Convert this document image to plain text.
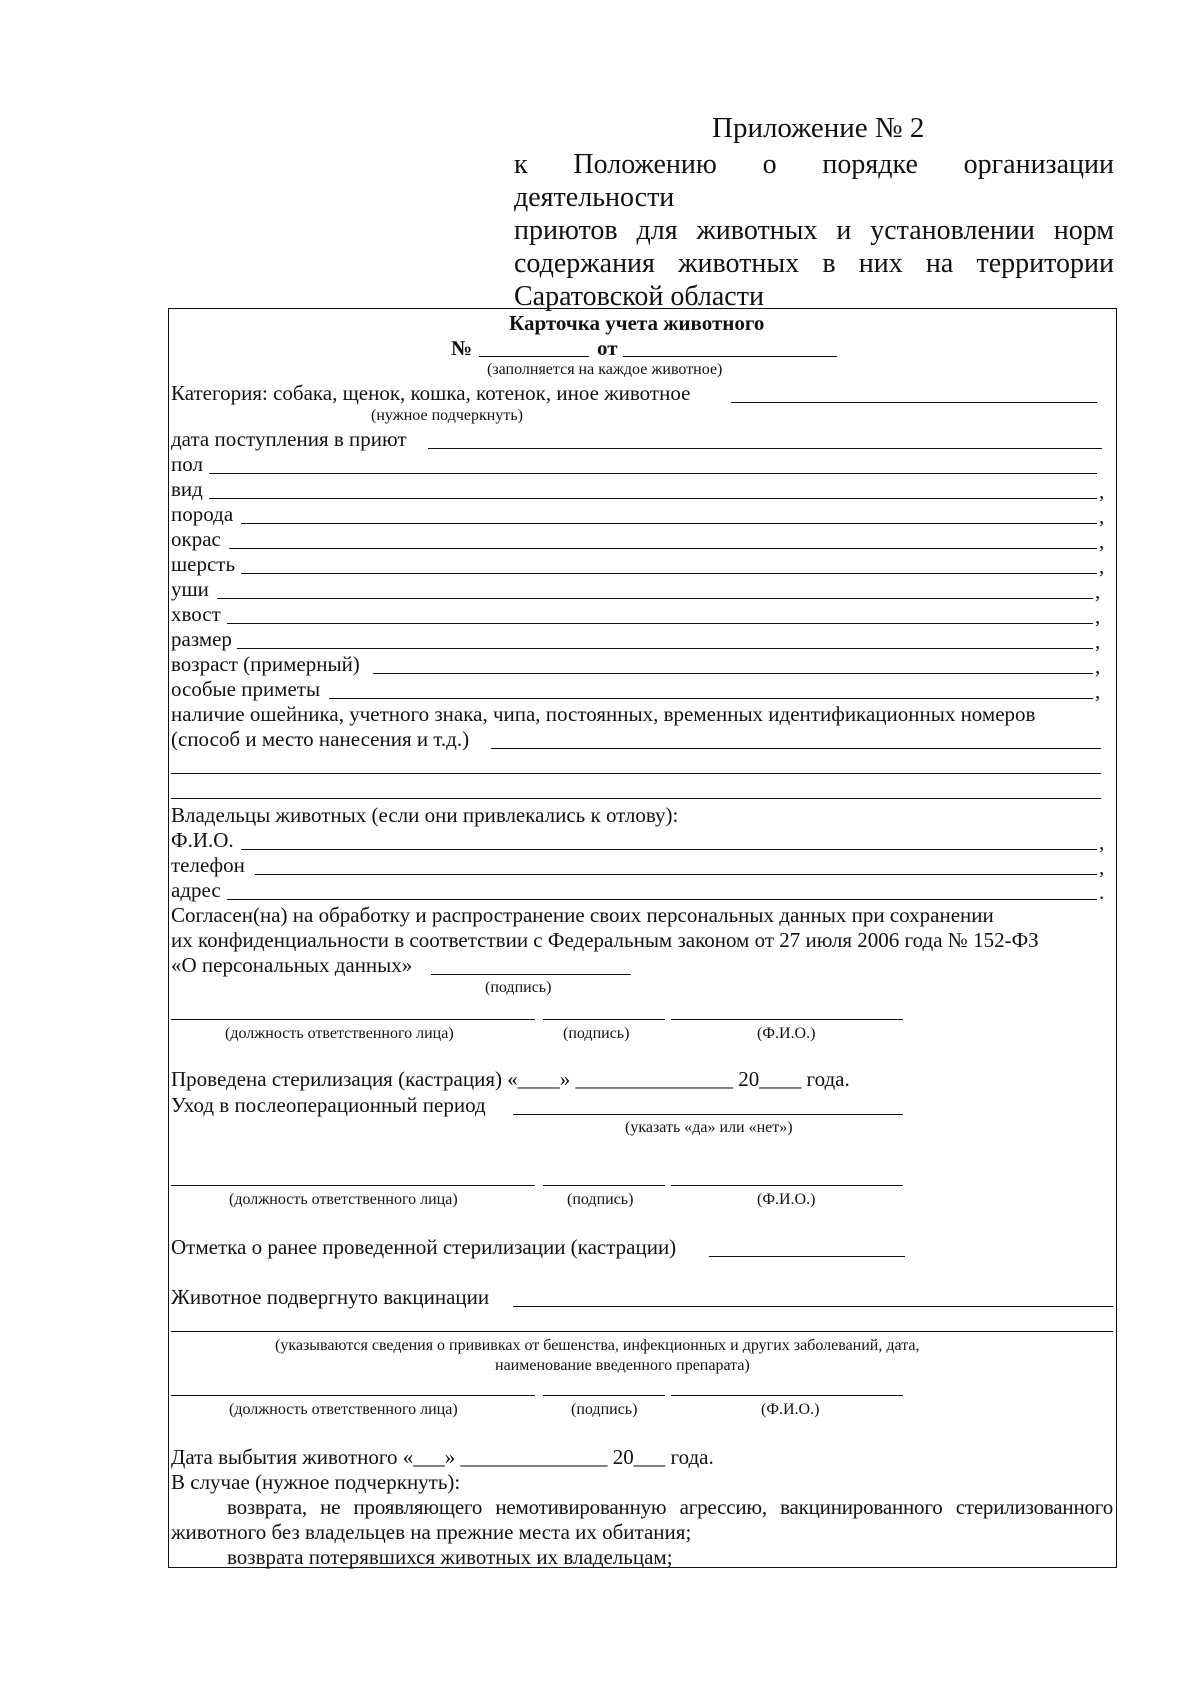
Приложение № 2
к Положению о порядке организации деятельности
приютов для животных и установлении норм
содержания животных в них на территории
Саратовской области
Карточка учета животного
№	от
(заполняется на каждое животное)
Категория: собака, щенок, кошка, котенок, иное животное
(нужное подчеркнуть)
дата поступления в приют
пол
вид	,
порода	,
окрас	,
шерсть	,
уши	,
хвост	,
размер	,
возраст (примерный)	,
особые приметы	,
наличие ошейника, учетного знака, чипа, постоянных, временных идентификационных номеров
(способ и место нанесения и т.д.)
Владельцы животных (если они привлекались к отлову):
Ф.И.О.	,
телефон	,
адрес	.
Согласен(на) на обработку и распространение своих персональных данных при сохранении
их конфиденциальности в соответствии с Федеральным законом от 27 июля 2006 года № 152-ФЗ
«О персональных данных»
(подпись)
(должность ответственного лица)	(подпись)	(Ф.И.О.)
Проведена стерилизация (кастрация) «____» _______________ 20____ года.
Уход в послеоперационный период
(указать «да» или «нет»)
(должность ответственного лица)	(подпись)	(Ф.И.О.)
Отметка о ранее проведенной стерилизации (кастрации)
Животное подвергнуто вакцинации
(указываются сведения о прививках от бешенства, инфекционных и других заболеваний, дата,
наименование введенного препарата)
(должность ответственного лица)	(подпись)	(Ф.И.О.)
Дата выбытия животного «___» ______________ 20___ года.
В случае (нужное подчеркнуть):
возврата, не проявляющего немотивированную агрессию, вакцинированного стерилизованного
животного без владельцев на прежние места их обитания;
возврата потерявшихся животных их владельцам;
